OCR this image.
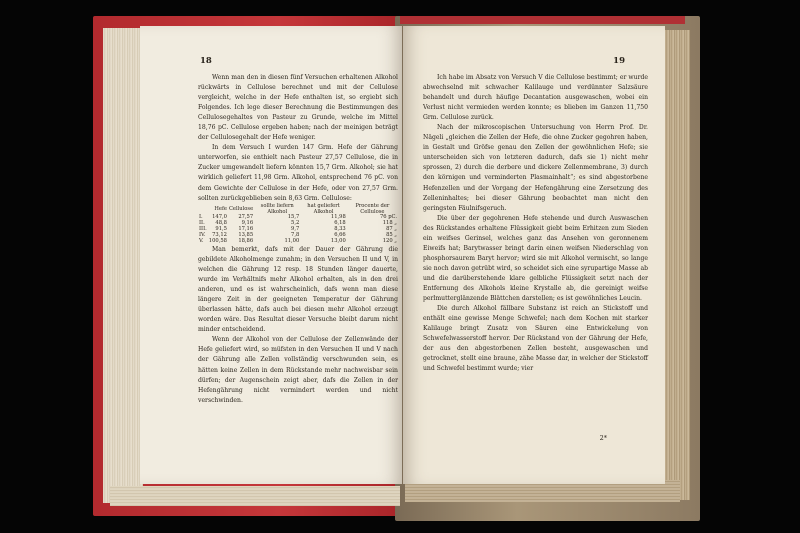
18

Wenn man den in diesen fünf Versuchen erhaltenen Alkohol rückwärts in Cellulose berechnet und mit der Cellulose vergleicht, welche in der Hefe enthalten ist, so ergiebt sich Folgendes. Ich lege dieser Berechnung die Bestimmungen des Cellulosegehaltes von Pasteur zu Grunde, welche im Mittel 18,76 pC. Cellulose ergeben haben; nach der meinigen beträgt der Cellulosegehalt der Hefe weniger.

In dem Versuch I wurden 147 Grm. Hefe der Gährung unterworfen, sie enthielt nach Pasteur 27,57 Cellulose, die in Zucker umgewandelt liefern könnten 15,7 Grm. Alkohol; sie hat wirklich geliefert 11,98 Grm. Alkohol, entsprechend 76 pC. von dem Gewichte der Cellulose in der Hefe, oder von 27,57 Grm. sollten zurückgeblieben sein 8,63 Grm. Cellulose:

	Hefe	Cellulose	sollte liefern Alkohol	hat geliefert Alkohol	Procente der Cellulose
I.	147,0	27,57	15,7	11,98	76 pC.
II.	48,8	9,16	5,2	6,18	118 „
III.	91,5	17,16	9,7	8,33	87 „
IV.	73,12	13,85	7,8	6,66	85 „
V.	100,58	18,86	11,00	13,00	120 „

Man bemerkt, dafs mit der Dauer der Gährung die gebildete Alkoholmenge zunahm; in den Versuchen II und V, in welchen die Gährung 12 resp. 18 Stunden länger dauerte, wurde im Verhältnifs mehr Alkohol erhalten, als in den drei anderen, und es ist wahrscheinlich, dafs wenn man diese längere Zeit in der geeigneten Temperatur der Gährung überlassen hätte, dafs auch bei diesen mehr Alkohol erzeugt worden wäre. Das Resultat dieser Versuche bleibt darum nicht minder entscheidend.

Wenn der Alkohol von der Cellulose der Zellenwände der Hefe geliefert wird, so müfsten in den Versuchen II und V nach der Gährung alle Zellen vollständig verschwunden sein, es hätten keine Zellen in dem Rückstande mehr nachweisbar sein dürfen; der Augenschein zeigt aber, dafs die Zellen in der Hefengährung nicht vermindert werden und nicht verschwinden.

19

Ich habe im Absatz von Versuch V die Cellulose bestimmt; er wurde abwechselnd mit schwacher Kalilauge und verdünnter Salzsäure behandelt und durch häufige Decantation ausgewaschen, wobei ein Verlust nicht vermieden werden konnte; es blieben im Ganzen 11,750 Grm. Cellulose zurück.

Nach der mikroscopischen Untersuchung von Herrn Prof. Dr. Nägeli „gleichen die Zellen der Hefe, die ohne Zucker gegohren haben, in Gestalt und Gröfse genau den Zellen der gewöhnlichen Hefe; sie unterscheiden sich von letzteren dadurch, dafs sie 1) nicht mehr sprossen, 2) durch die derbere und dickere Zellenmembrane, 3) durch den körnigen und verminderten Plasmainhalt“; es sind abgestorbene Hefenzellen und der Vorgang der Hefengährung eine Zersetzung des Zelleninhaltes; bei dieser Gährung beobachtet man nicht den geringsten Fäulnifsgeruch.

Die über der gegohrenen Hefe stehende und durch Auswaschen des Rückstandes erhaltene Flüssigkeit giebt beim Erhitzen zum Sieden ein weifses Gerinsel, welches ganz das Ansehen von geronnenem Eiweifs hat; Barytwasser bringt darin einen weifsen Niederschlag von phosphorsaurem Baryt hervor; wird sie mit Alkohol vermischt, so lange sie noch davon getrübt wird, so scheidet sich eine syrupartige Masse ab und die darüberstehende klare gelbliche Flüssigkeit setzt nach der Entfernung des Alkohols kleine Krystalle ab, die gereinigt weifse perlmutterglänzende Blättchen darstellen; es ist gewöhnliches Leucin.

Die durch Alkohol fällbare Substanz ist reich an Stickstoff und enthält eine gewisse Menge Schwefel; nach dem Kochen mit starker Kalilauge bringt Zusatz von Säuren eine Entwickelung von Schwefelwasserstoff hervor. Der Rückstand von der Gährung der Hefe, der aus den abgestorbenen Zellen besteht, ausgewaschen und getrocknet, stellt eine braune, zähe Masse dar, in welcher der Stickstoff und Schwefel bestimmt wurde; vier

2*
